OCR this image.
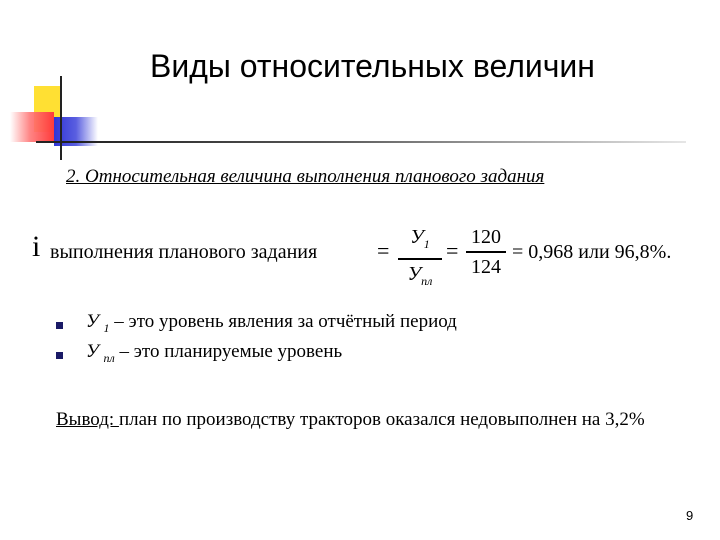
Виды относительных величин
2. Относительная величина выполнения планового задания
i выполнения планового задания	=
$У_1$
$У_{пл}$
=
120
124
= 0,968 или 96,8%.
У $_1$ – это уровень явления за отчётный период
У $_{пл}$ – это планируемые уровень
Вывод: план по производству тракторов оказался недовыполнен на 3,2%
9
